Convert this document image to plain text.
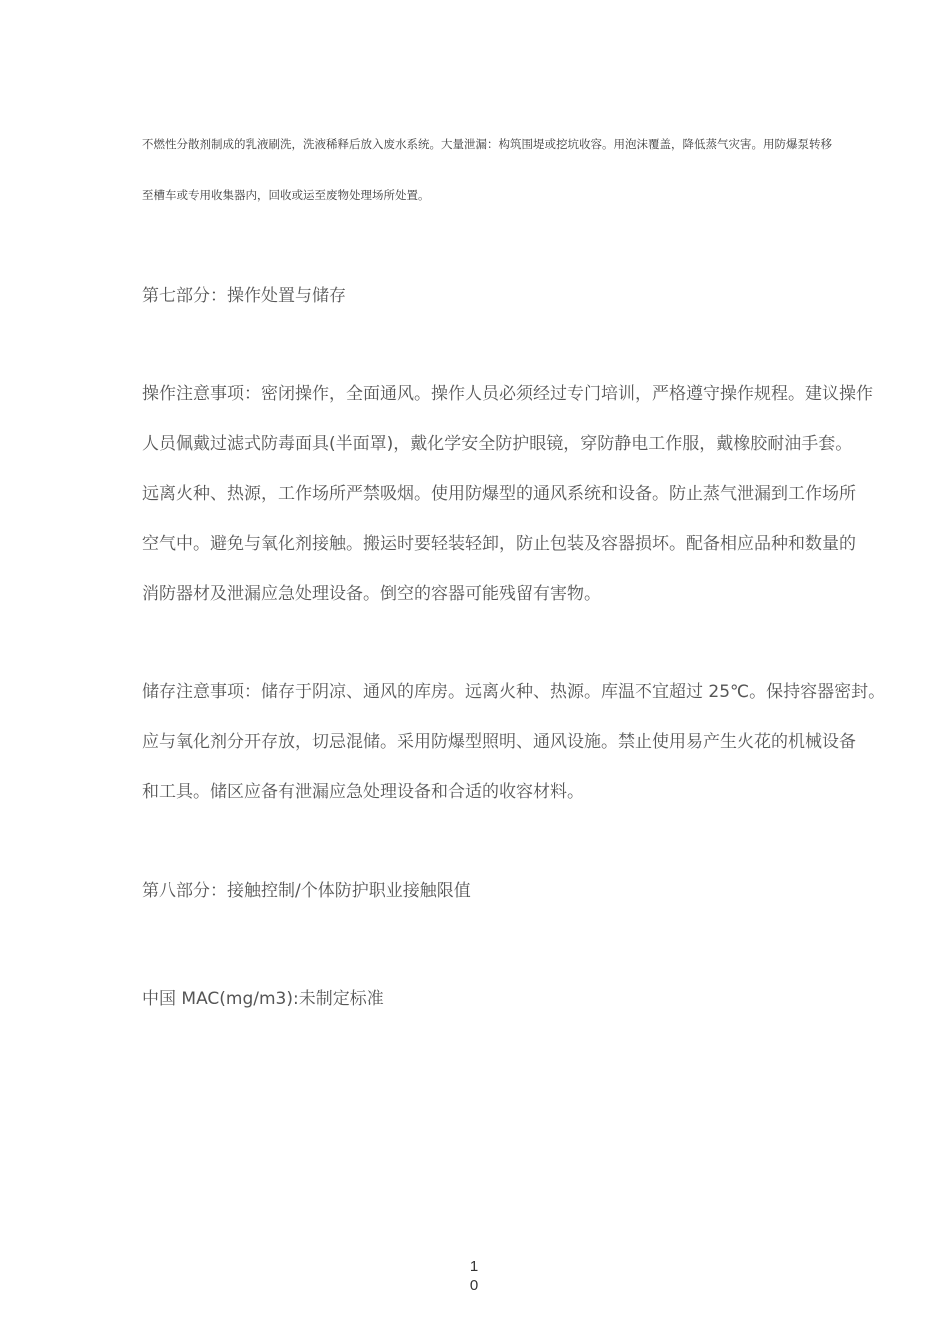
不燃性分散剂制成的乳液刷洗，洗液稀释后放入废水系统。大量泄漏：构筑围堤或挖坑收容。用泡沫覆盖，降低蒸气灾害。用防爆泵转移
至槽车或专用收集器内，回收或运至废物处理场所处置。
第七部分：操作处置与储存
操作注意事项：密闭操作，全面通风。操作人员必须经过专门培训，严格遵守操作规程。建议操作
人员佩戴过滤式防毒面具(半面罩)，戴化学安全防护眼镜，穿防静电工作服，戴橡胶耐油手套。
远离火种、热源，工作场所严禁吸烟。使用防爆型的通风系统和设备。防止蒸气泄漏到工作场所
空气中。避免与氧化剂接触。搬运时要轻装轻卸，防止包装及容器损坏。配备相应品种和数量的
消防器材及泄漏应急处理设备。倒空的容器可能残留有害物。
储存注意事项：储存于阴凉、通风的库房。远离火种、热源。库温不宜超过 25℃。保持容器密封。
应与氧化剂分开存放，切忌混储。采用防爆型照明、通风设施。禁止使用易产生火花的机械设备
和工具。储区应备有泄漏应急处理设备和合适的收容材料。
第八部分：接触控制/个体防护职业接触限值
中国 MAC(mg/m3):未制定标准
1
0
